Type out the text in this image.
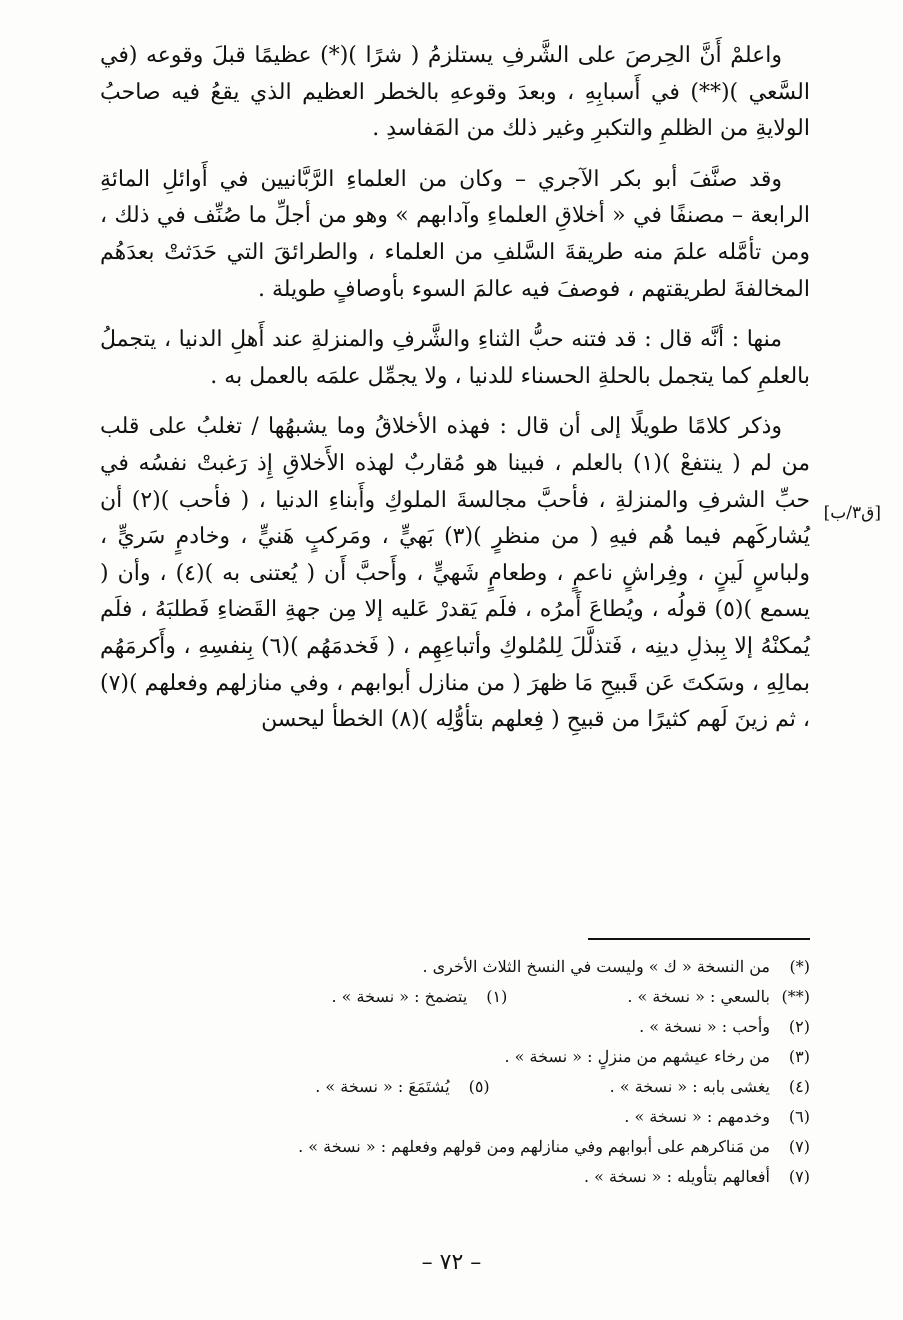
واعلمْ أَنَّ الحِرصَ على الشَّرفِ يستلزمُ ( شرًا )(*) عظيمًا قبلَ وقوعه (في السَّعي )(**) في أَسبابِهِ ، وبعدَ وقوعهِ بالخطر العظيم الذي يقعُ فيه صاحبُ الولايةِ من الظلمِ والتكبرِ وغير ذلك من المَفاسدِ .

وقد صنَّفَ أبو بكر الآجري – وكان من العلماءِ الرَّبَّانيين في أَوائلِ المائةِ الرابعة – مصنفًا في « أخلاقِ العلماءِ وآدابهم » وهو من أجلِّ ما صُنِّف في ذلك ، ومن تأمَّله علمَ منه طريقةَ السَّلفِ من العلماء ، والطرائقَ التي حَدَثتْ بعدَهُم المخالفةَ لطريقتهم ، فوصفَ فيه عالمَ السوء بأوصافٍ طويلة .

منها : أنَّه قال : قد فتنه حبُّ الثناءِ والشَّرفِ والمنزلةِ عند أَهلِ الدنيا ، يتجملُ بالعلمِ كما يتجمل بالحلةِ الحسناء للدنيا ، ولا يجمِّل علمَه بالعمل به .

وذكر كلامًا طويلًا إلى أن قال : فهذه الأخلاقُ وما يشبهُها / تغلبُ على قلب من لم ( ينتفعْ )(١) بالعلم ، فبينا هو مُقاربٌ لهذه الأَخلاقِ إِذ رَغبتْ نفسُه في حبِّ الشرفِ والمنزلةِ ، فأحبَّ مجالسةَ الملوكِ وأَبناءِ الدنيا ، ( فأحب )(٢) أن يُشاركَهم فيما هُم فيهِ ( من منظرٍ )(٣) بَهيٍّ ، ومَركبٍ هَنيٍّ ، وخادمٍ سَريٍّ ، ولباسٍ لَينٍ ، وفِراشٍ ناعمٍ ، وطعامٍ شَهيٍّ ، وأَحبَّ أَن ( يُعتنى به )(٤) ، وأن ( يسمع )(٥) قولُه ، ويُطاعَ أَمرُه ، فلَم يَقدرْ عَليه إلا مِن جهةِ القَضاءِ فَطلبَهُ ، فلَم يُمكنْهُ إلا بِبذلِ دينِه ، فَتذلَّلَ لِلمُلوكِ وأتباعِهِم ، ( فَخدمَهُم )(٦) بِنفسِهِ ، وأَكرمَهُم بمالِهِ ، وسَكتَ عَن قَبيحِ مَا ظهرَ ( من منازل أبوابهم ، وفي منازلهم وفعلهم )(٧) ، ثم زينَ لَهم كثيرًا من قبيحِ ( فِعلهم بتأوُّلِه )(٨) الخطأ ليحسن

[ق٣/ب]
(*)
من النسخة « ك » وليست في النسخ الثلاث الأخرى .
(**)
بالسعي : « نسخة » .
(١)
يتضمخ : « نسخة » .
(٢)
وأحب : « نسخة » .
(٣)
من رخاء عيشهم من منزلٍ : « نسخة » .
(٤)
يغشى بابه : « نسخة » .
(٥)
يُشتَمَعَ : « نسخة » .
(٦)
وخدمهم : « نسخة » .
(٧)
من مَناكرهم على أبوابهم وفي منازلهم ومن قولهم وفعلهم : « نسخة » .
(٧)
أفعالهم بتأويله : « نسخة » .
– ٧٢ –
